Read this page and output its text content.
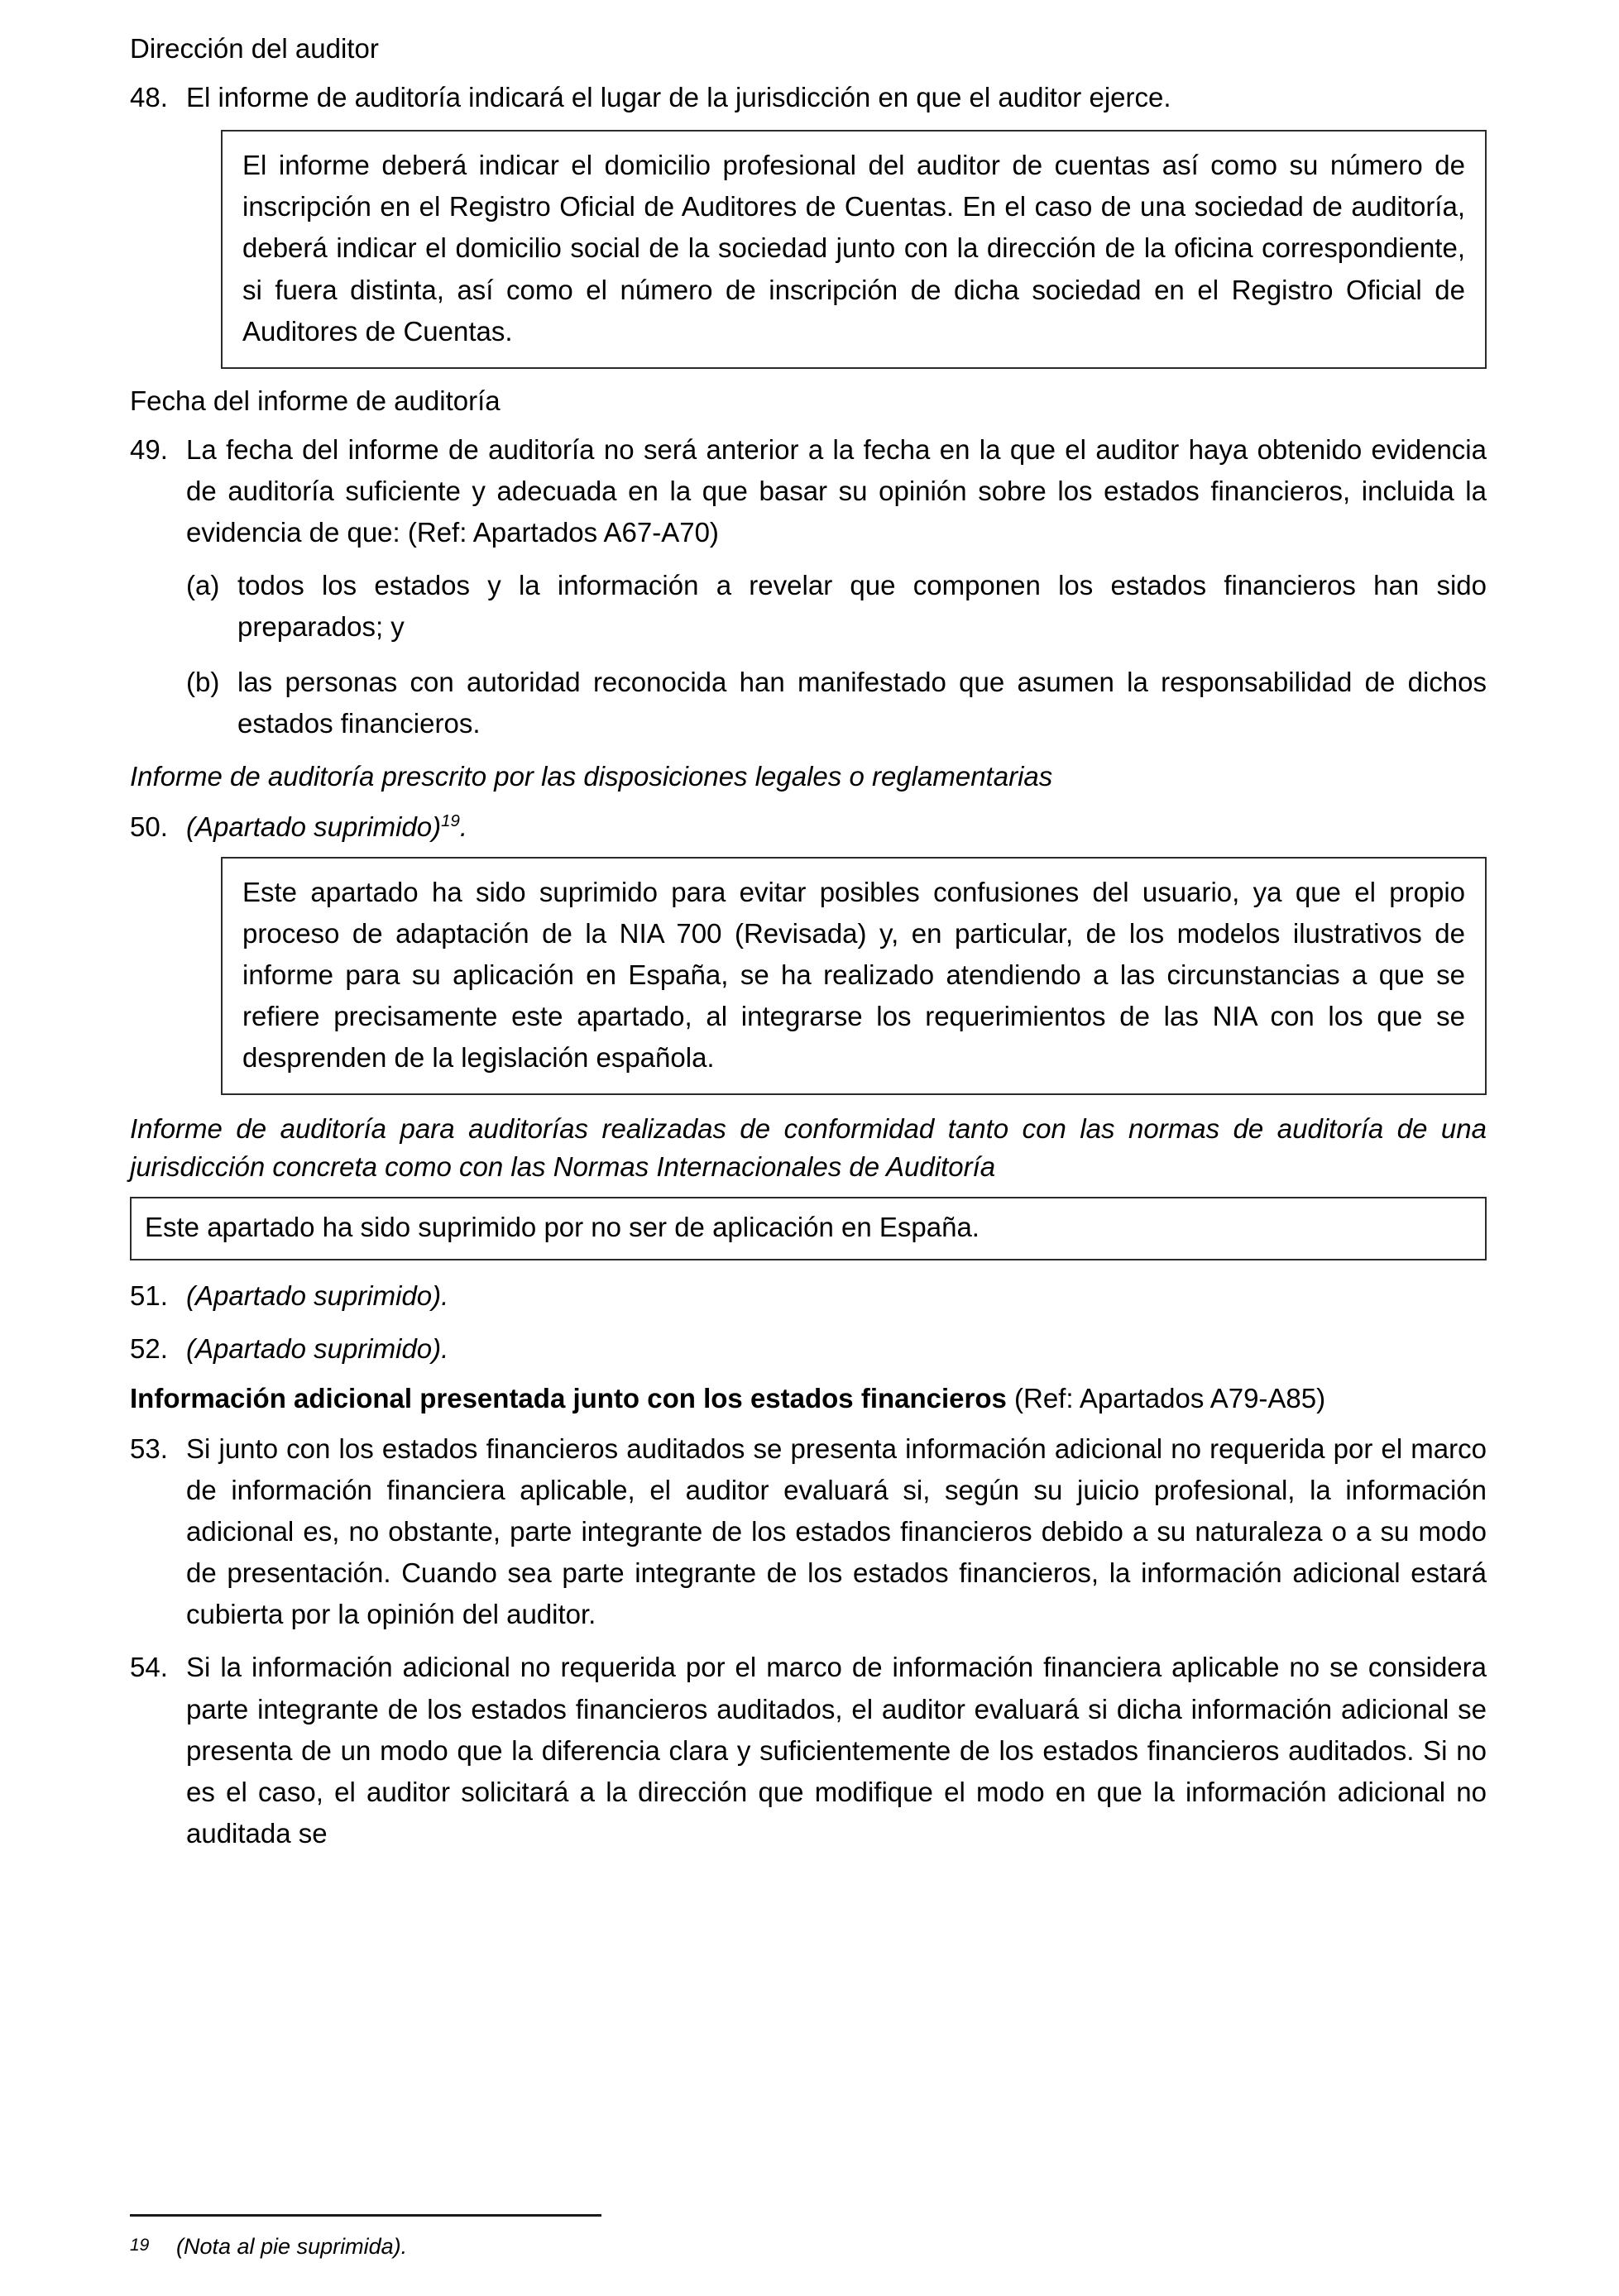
Dirección del auditor
48. El informe de auditoría indicará el lugar de la jurisdicción en que el auditor ejerce.

El informe deberá indicar el domicilio profesional del auditor de cuentas así como su número de inscripción en el Registro Oficial de Auditores de Cuentas. En el caso de una sociedad de auditoría, deberá indicar el domicilio social de la sociedad junto con la dirección de la oficina correspondiente, si fuera distinta, así como el número de inscripción de dicha sociedad en el Registro Oficial de Auditores de Cuentas.

Fecha del informe de auditoría
49. La fecha del informe de auditoría no será anterior a la fecha en la que el auditor haya obtenido evidencia de auditoría suficiente y adecuada en la que basar su opinión sobre los estados financieros, incluida la evidencia de que: (Ref: Apartados A67-A70)
(a) todos los estados y la información a revelar que componen los estados financieros han sido preparados; y
(b) las personas con autoridad reconocida han manifestado que asumen la responsabilidad de dichos estados financieros.
Informe de auditoría prescrito por las disposiciones legales o reglamentarias
50. (Apartado suprimido)$^{19}$.

Este apartado ha sido suprimido para evitar posibles confusiones del usuario, ya que el propio proceso de adaptación de la NIA 700 (Revisada) y, en particular, de los modelos ilustrativos de informe para su aplicación en España, se ha realizado atendiendo a las circunstancias a que se refiere precisamente este apartado, al integrarse los requerimientos de las NIA con los que se desprenden de la legislación española.

Informe de auditoría para auditorías realizadas de conformidad tanto con las normas de auditoría de una jurisdicción concreta como con las Normas Internacionales de Auditoría

Este apartado ha sido suprimido por no ser de aplicación en España.

51. (Apartado suprimido).
52. (Apartado suprimido).
Información adicional presentada junto con los estados financieros (Ref: Apartados A79-A85)
53. Si junto con los estados financieros auditados se presenta información adicional no requerida por el marco de información financiera aplicable, el auditor evaluará si, según su juicio profesional, la información adicional es, no obstante, parte integrante de los estados financieros debido a su naturaleza o a su modo de presentación. Cuando sea parte integrante de los estados financieros, la información adicional estará cubierta por la opinión del auditor.
54. Si la información adicional no requerida por el marco de información financiera aplicable no se considera parte integrante de los estados financieros auditados, el auditor evaluará si dicha información adicional se presenta de un modo que la diferencia clara y suficientemente de los estados financieros auditados. Si no es el caso, el auditor solicitará a la dirección que modifique el modo en que la información adicional no auditada se
19	(Nota al pie suprimida).
